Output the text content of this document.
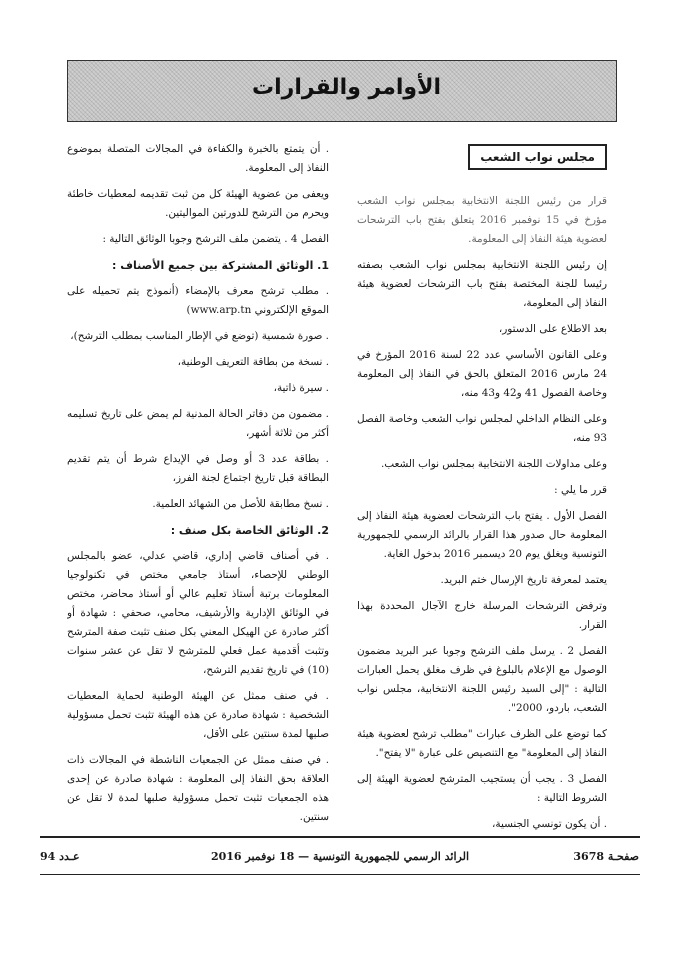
الأوامر والقرارات
مجلس نواب الشعب

قرار من رئيس اللجنة الانتخابية بمجلس نواب الشعب مؤرخ في 15 نوفمبر 2016 يتعلق بفتح باب الترشحات لعضوية هيئة النفاذ إلى المعلومة.

إن رئيس اللجنة الانتخابية بمجلس نواب الشعب بصفته رئيسا للجنة المختصة بفتح باب الترشحات لعضوية هيئة النفاذ إلى المعلومة،

بعد الاطلاع على الدستور،

وعلى القانون الأساسي عدد 22 لسنة 2016 المؤرخ في 24 مارس 2016 المتعلق بالحق في النفاذ إلى المعلومة وخاصة الفصول 41 و42 و43 منه،

وعلى النظام الداخلي لمجلس نواب الشعب وخاصة الفصل 93 منه،

وعلى مداولات اللجنة الانتخابية بمجلس نواب الشعب.

قرر ما يلي :

الفصل الأول . يفتح باب الترشحات لعضوية هيئة النفاذ إلى المعلومة حال صدور هذا القرار بالرائد الرسمي للجمهورية التونسية ويغلق يوم 20 ديسمبر 2016 بدخول الغاية.

يعتمد لمعرفة تاريخ الإرسال ختم البريد.

وترفض الترشحات المرسلة خارج الآجال المحددة بهذا القرار.

الفصل 2 . يرسل ملف الترشح وجوبا عبر البريد مضمون الوصول مع الإعلام بالبلوغ في ظرف مغلق يحمل العبارات التالية : "إلى السيد رئيس اللجنة الانتخابية، مجلس نواب الشعب، باردو، 2000".

كما توضع على الظرف عبارات "مطلب ترشح لعضوية هيئة النفاذ إلى المعلومة" مع التنصيص على عبارة "لا يفتح".

الفصل 3 . يجب أن يستجيب المترشح لعضوية الهيئة إلى الشروط التالية :

. أن يكون تونسي الجنسية،

. أن يتمتع بالخبرة والكفاءة في المجالات المتصلة بموضوع النفاذ إلى المعلومة.

ويعفى من عضوية الهيئة كل من ثبت تقديمه لمعطيات خاطئة ويحرم من الترشح للدورتين المواليتين.

الفصل 4 . يتضمن ملف الترشح وجوبا الوثائق التالية :

1. الوثائق المشتركة بين جميع الأصناف :

. مطلب ترشح معرف بالإمضاء (أنموذج يتم تحميله على الموقع الإلكتروني www.arp.tn)

. صورة شمسية (توضع في الإطار المناسب بمطلب الترشح)،

. نسخة من بطاقة التعريف الوطنية،

. سيرة ذاتية،

. مضمون من دفاتر الحالة المدنية لم يمض على تاريخ تسليمه أكثر من ثلاثة أشهر،

. بطاقة عدد 3 أو وصل في الإيداع شرط أن يتم تقديم البطاقة قبل تاريخ اجتماع لجنة الفرز،

. نسخ مطابقة للأصل من الشهائد العلمية.

2. الوثائق الخاصة بكل صنف :

. في أصناف قاضي إداري، قاضي عدلي، عضو بالمجلس الوطني للإحصاء، أستاذ جامعي مختص في تكنولوجيا المعلومات برتبة أستاذ تعليم عالي أو أستاذ محاضر، مختص في الوثائق الإدارية والأرشيف، محامي، صحفي : شهادة أو أكثر صادرة عن الهيكل المعني بكل صنف تثبت صفة المترشح وتثبت أقدمية عمل فعلي للمترشح لا تقل عن عشر سنوات (10) في تاريخ تقديم الترشح،

. في صنف ممثل عن الهيئة الوطنية لحماية المعطيات الشخصية : شهادة صادرة عن هذه الهيئة تثبت تحمل مسؤولية صلبها لمدة سنتين على الأقل،

. في صنف ممثل عن الجمعيات الناشطة في المجالات ذات العلاقة بحق النفاذ إلى المعلومة : شهادة صادرة عن إحدى هذه الجمعيات تثبت تحمل مسؤولية صلبها لمدة لا تقل عن سنتين.

صفحـة 3678
الرائد الرسمي للجمهورية التونسية — 18 نوفمبر 2016
عـدد 94
